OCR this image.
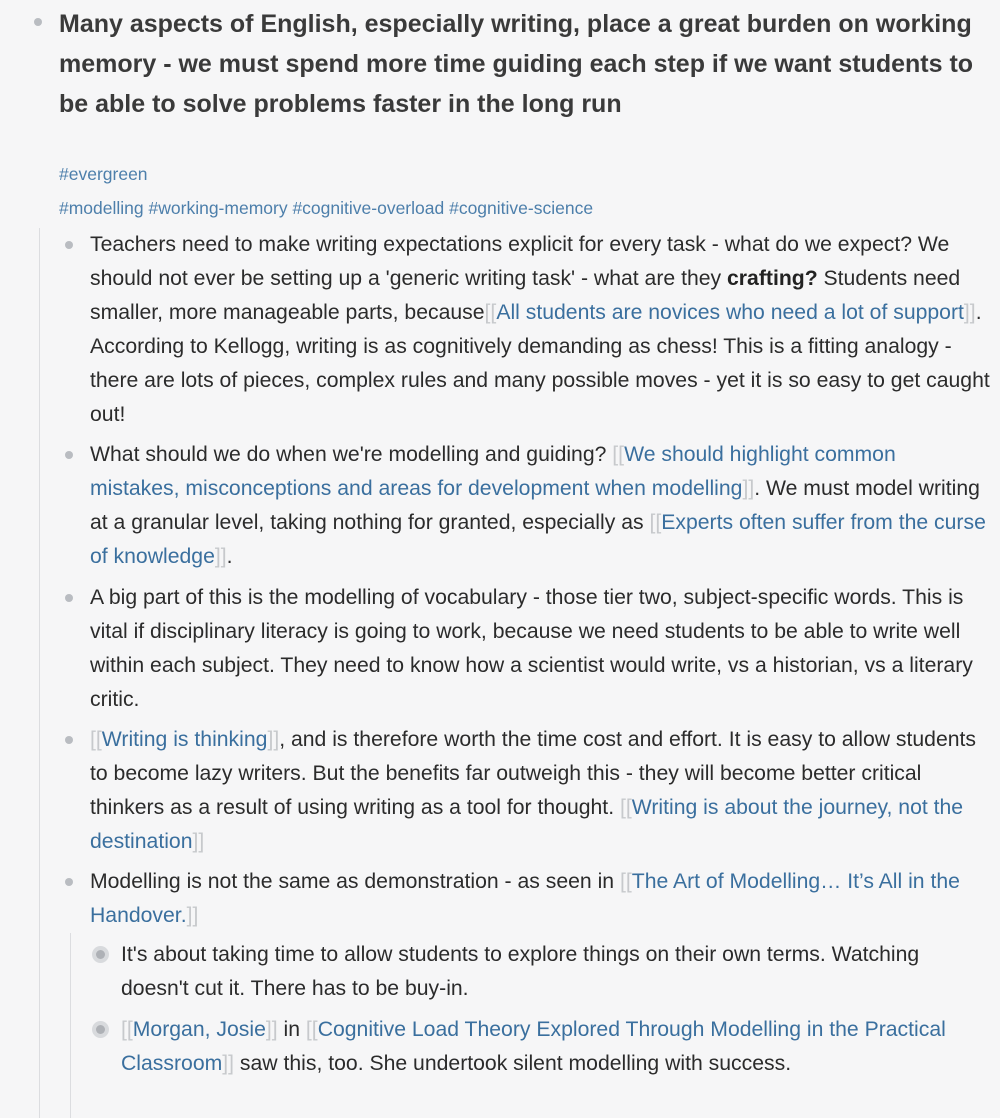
Many aspects of English, especially writing, place a great burden on working memory - we must spend more time guiding each step if we want students to be able to solve problems faster in the long run
#evergreen
#modelling #working-memory #cognitive-overload #cognitive-science
Teachers need to make writing expectations explicit for every task - what do we expect? We should not ever be setting up a 'generic writing task' - what are they crafting? Students need smaller, more manageable parts, because[[All students are novices who need a lot of support]]. According to Kellogg, writing is as cognitively demanding as chess! This is a fitting analogy - there are lots of pieces, complex rules and many possible moves - yet it is so easy to get caught out!
What should we do when we're modelling and guiding? [[We should highlight common mistakes, misconceptions and areas for development when modelling]]. We must model writing at a granular level, taking nothing for granted, especially as [[Experts often suffer from the curse of knowledge]].
A big part of this is the modelling of vocabulary - those tier two, subject-specific words. This is vital if disciplinary literacy is going to work, because we need students to be able to write well within each subject. They need to know how a scientist would write, vs a historian, vs a literary critic.
[[Writing is thinking]], and is therefore worth the time cost and effort. It is easy to allow students to become lazy writers. But the benefits far outweigh this - they will become better critical thinkers as a result of using writing as a tool for thought. [[Writing is about the journey, not the destination]]
Modelling is not the same as demonstration - as seen in [[The Art of Modelling… It’s All in the Handover.]]
It's about taking time to allow students to explore things on their own terms. Watching doesn't cut it. There has to be buy-in.
[[Morgan, Josie]] in [[Cognitive Load Theory Explored Through Modelling in the Practical Classroom]] saw this, too. She undertook silent modelling with success.
